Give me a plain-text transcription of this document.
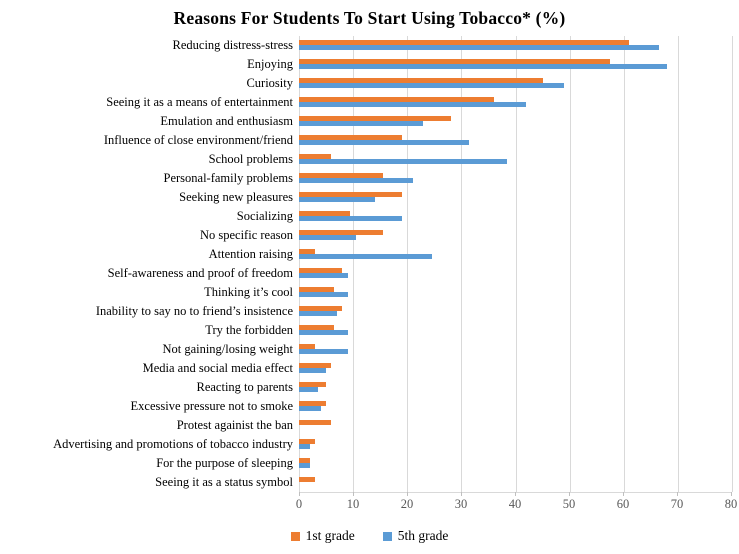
Reasons For Students To Start Using Tobacco* (%)
Reducing distress-stress
Enjoying
Curiosity
Seeing it as a means of entertainment
Emulation and enthusiasm
Influence of close environment/friend
School problems
Personal-family problems
Seeking new pleasures
Socializing
No specific reason
Attention raising
Self-awareness and proof of freedom
Thinking it’s cool
Inability to say no to friend’s insistence
Try the forbidden
Not gaining/losing weight
Media and social media effect
Reacting to parents
Excessive pressure not to smoke
Protest againist the ban
Advertising and promotions of tobacco industry
For the purpose of sleeping
Seeing it as a status symbol
0	10	20	30	40	50	60	70	80
1st grade	5th grade
